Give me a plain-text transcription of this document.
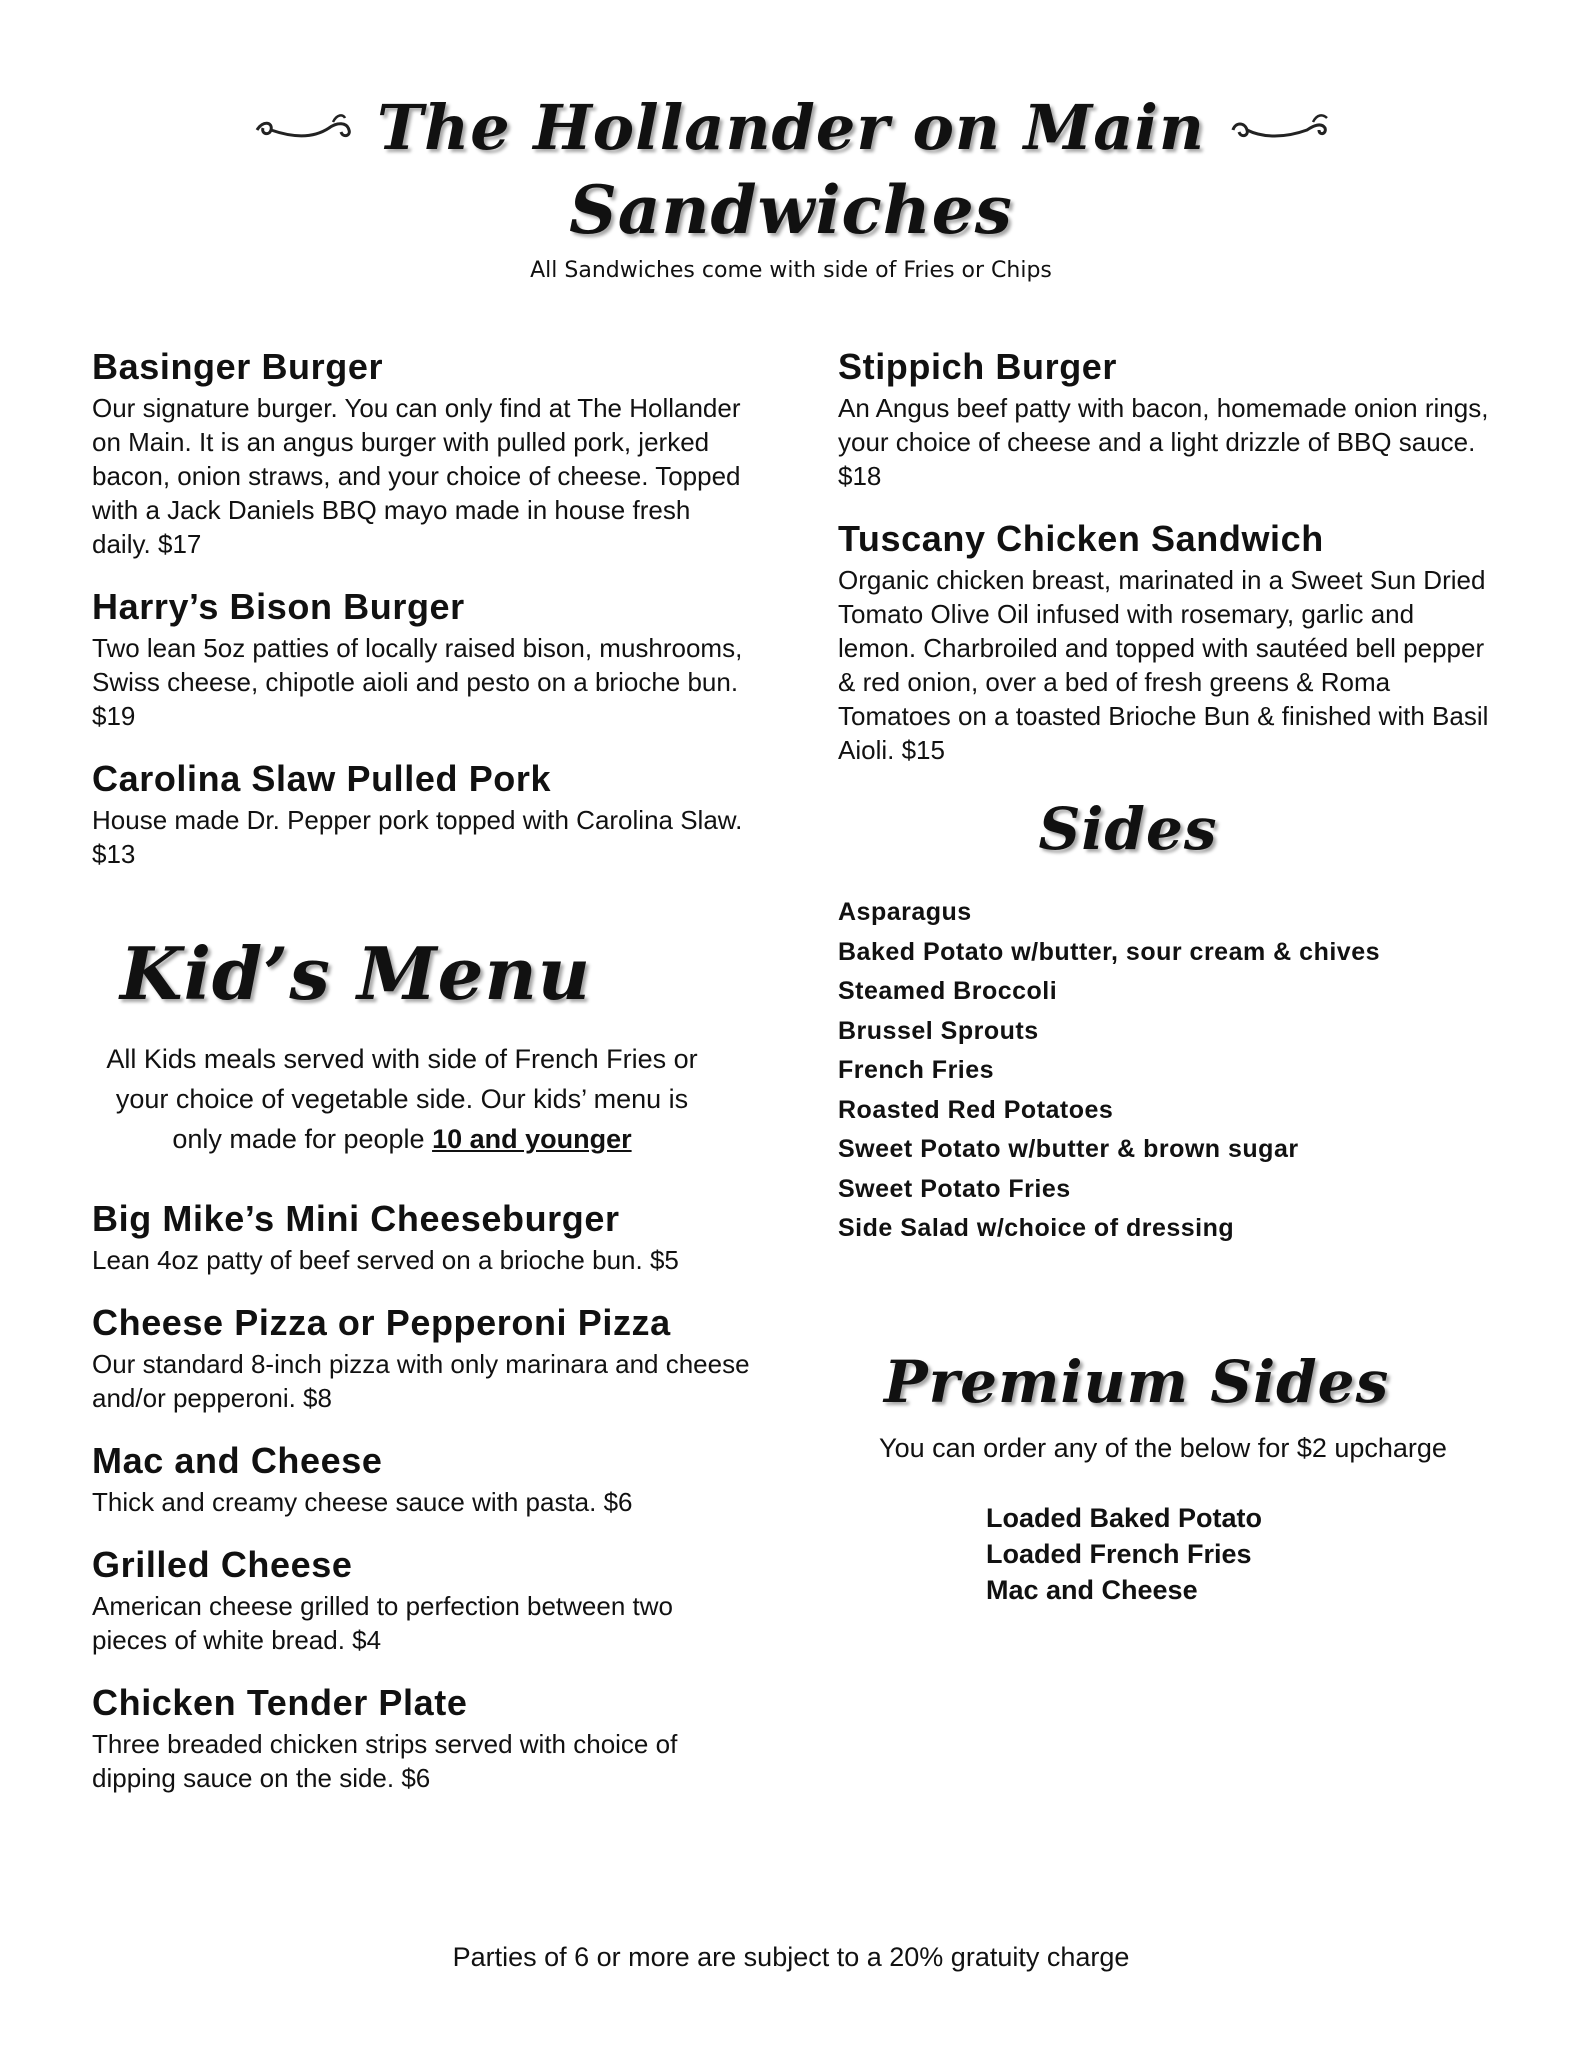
The Hollander on Main
Sandwiches
All Sandwiches come with side of Fries or Chips
Basinger Burger
Our signature burger. You can only find at The Hollander on Main. It is an angus burger with pulled pork, jerked bacon, onion straws, and your choice of cheese. Topped with a Jack Daniels BBQ mayo made in house fresh daily. $17
Harry’s Bison Burger
Two lean 5oz patties of locally raised bison, mushrooms, Swiss cheese, chipotle aioli and pesto on a brioche bun. $19
Carolina Slaw Pulled Pork
House made Dr. Pepper pork topped with Carolina Slaw. $13
Kid’s Menu
All Kids meals served with side of French Fries or your choice of vegetable side. Our kids’ menu is only made for people 10 and younger
Big Mike’s Mini Cheeseburger
Lean 4oz patty of beef served on a brioche bun. $5
Cheese Pizza or Pepperoni Pizza
Our standard 8-inch pizza with only marinara and cheese and/or pepperoni. $8
Mac and Cheese
Thick and creamy cheese sauce with pasta. $6
Grilled Cheese
American cheese grilled to perfection between two pieces of white bread. $4
Chicken Tender Plate
Three breaded chicken strips served with choice of dipping sauce on the side. $6
Stippich Burger
An Angus beef patty with bacon, homemade onion rings, your choice of cheese and a light drizzle of BBQ sauce. $18
Tuscany Chicken Sandwich
Organic chicken breast, marinated in a Sweet Sun Dried Tomato Olive Oil infused with rosemary, garlic and lemon. Charbroiled and topped with sautéed bell pepper & red onion, over a bed of fresh greens & Roma Tomatoes on a toasted Brioche Bun & finished with Basil Aioli. $15
Sides
Asparagus
Baked Potato w/butter, sour cream & chives
Steamed Broccoli
Brussel Sprouts
French Fries
Roasted Red Potatoes
Sweet Potato w/butter & brown sugar
Sweet Potato Fries
Side Salad w/choice of dressing
Premium Sides
You can order any of the below for $2 upcharge
Loaded Baked Potato
Loaded French Fries
Mac and Cheese
Parties of 6 or more are subject to a 20% gratuity charge
